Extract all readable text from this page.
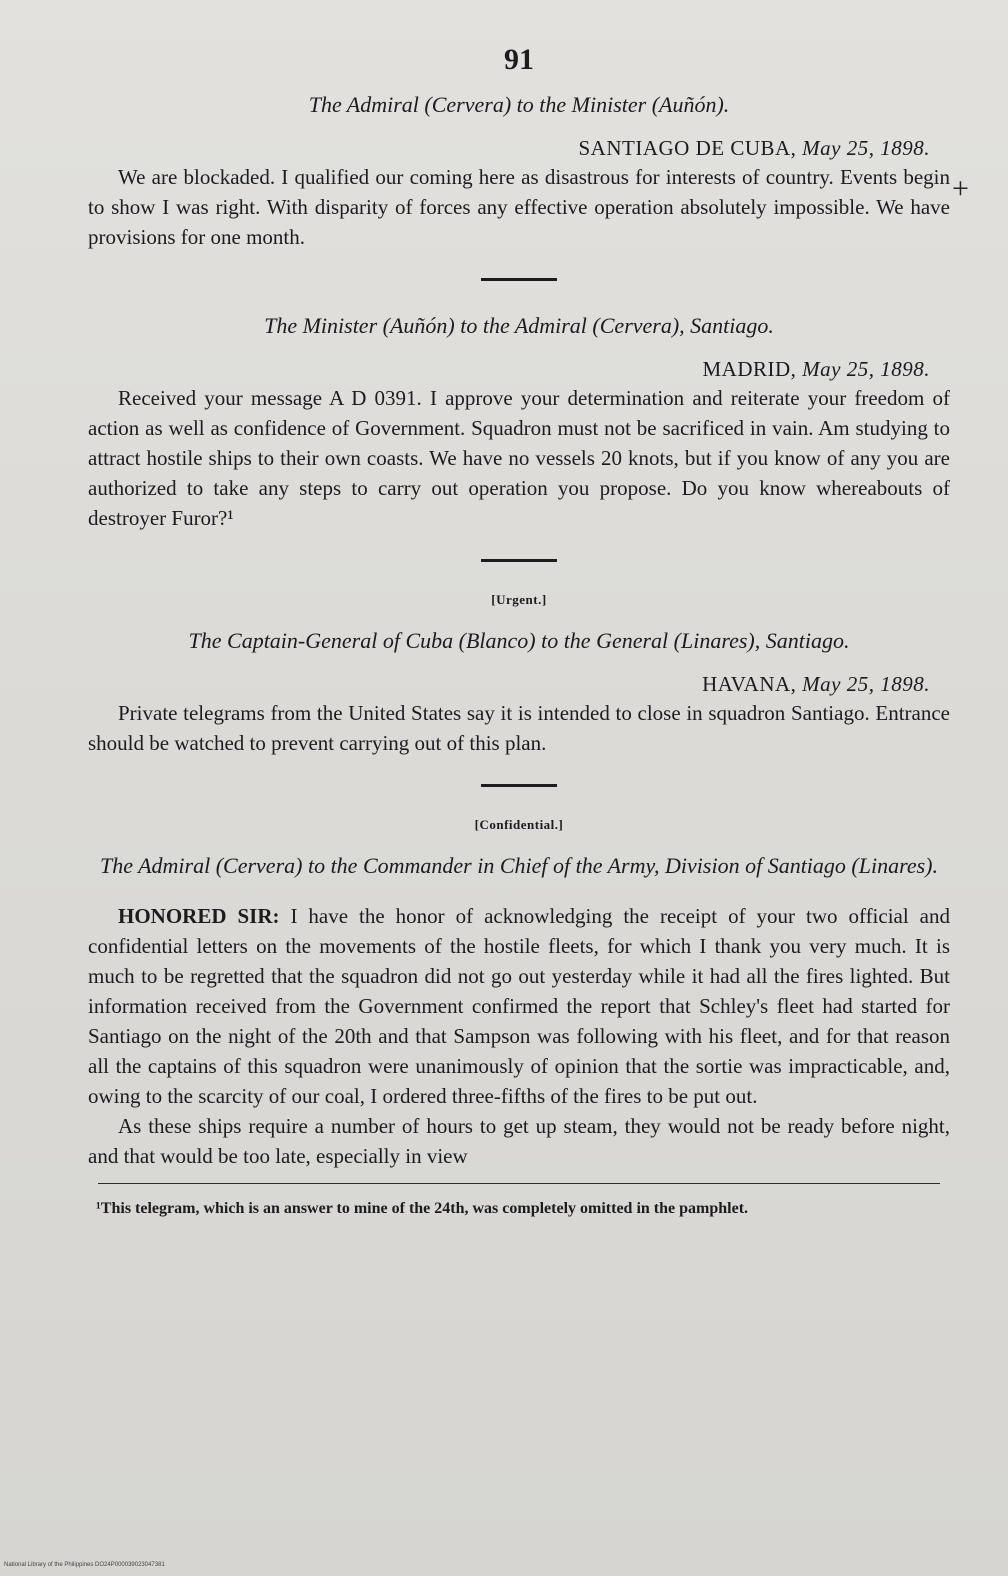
+

91

The Admiral (Cervera) to the Minister (Auñón).

SANTIAGO DE CUBA, May 25, 1898.

We are blockaded. I qualified our coming here as disastrous for interests of country. Events begin to show I was right. With disparity of forces any effective operation absolutely impossible. We have provisions for one month.

The Minister (Auñón) to the Admiral (Cervera), Santiago.

MADRID, May 25, 1898.

Received your message A D 0391. I approve your determination and reiterate your freedom of action as well as confidence of Government. Squadron must not be sacrificed in vain. Am studying to attract hostile ships to their own coasts. We have no vessels 20 knots, but if you know of any you are authorized to take any steps to carry out operation you propose. Do you know whereabouts of destroyer Furor?¹

[Urgent.]

The Captain-General of Cuba (Blanco) to the General (Linares), Santiago.

HAVANA, May 25, 1898.

Private telegrams from the United States say it is intended to close in squadron Santiago. Entrance should be watched to prevent carrying out of this plan.

[Confidential.]

The Admiral (Cervera) to the Commander in Chief of the Army, Division of Santiago (Linares).

HONORED SIR: I have the honor of acknowledging the receipt of your two official and confidential letters on the movements of the hostile fleets, for which I thank you very much. It is much to be regretted that the squadron did not go out yesterday while it had all the fires lighted. But information received from the Government confirmed the report that Schley's fleet had started for Santiago on the night of the 20th and that Sampson was following with his fleet, and for that reason all the captains of this squadron were unanimously of opinion that the sortie was impracticable, and, owing to the scarcity of our coal, I ordered three-fifths of the fires to be put out.

As these ships require a number of hours to get up steam, they would not be ready before night, and that would be too late, especially in view

¹This telegram, which is an answer to mine of the 24th, was completely omitted in the pamphlet.

National Library of the Philippines DO24P000039023047381
